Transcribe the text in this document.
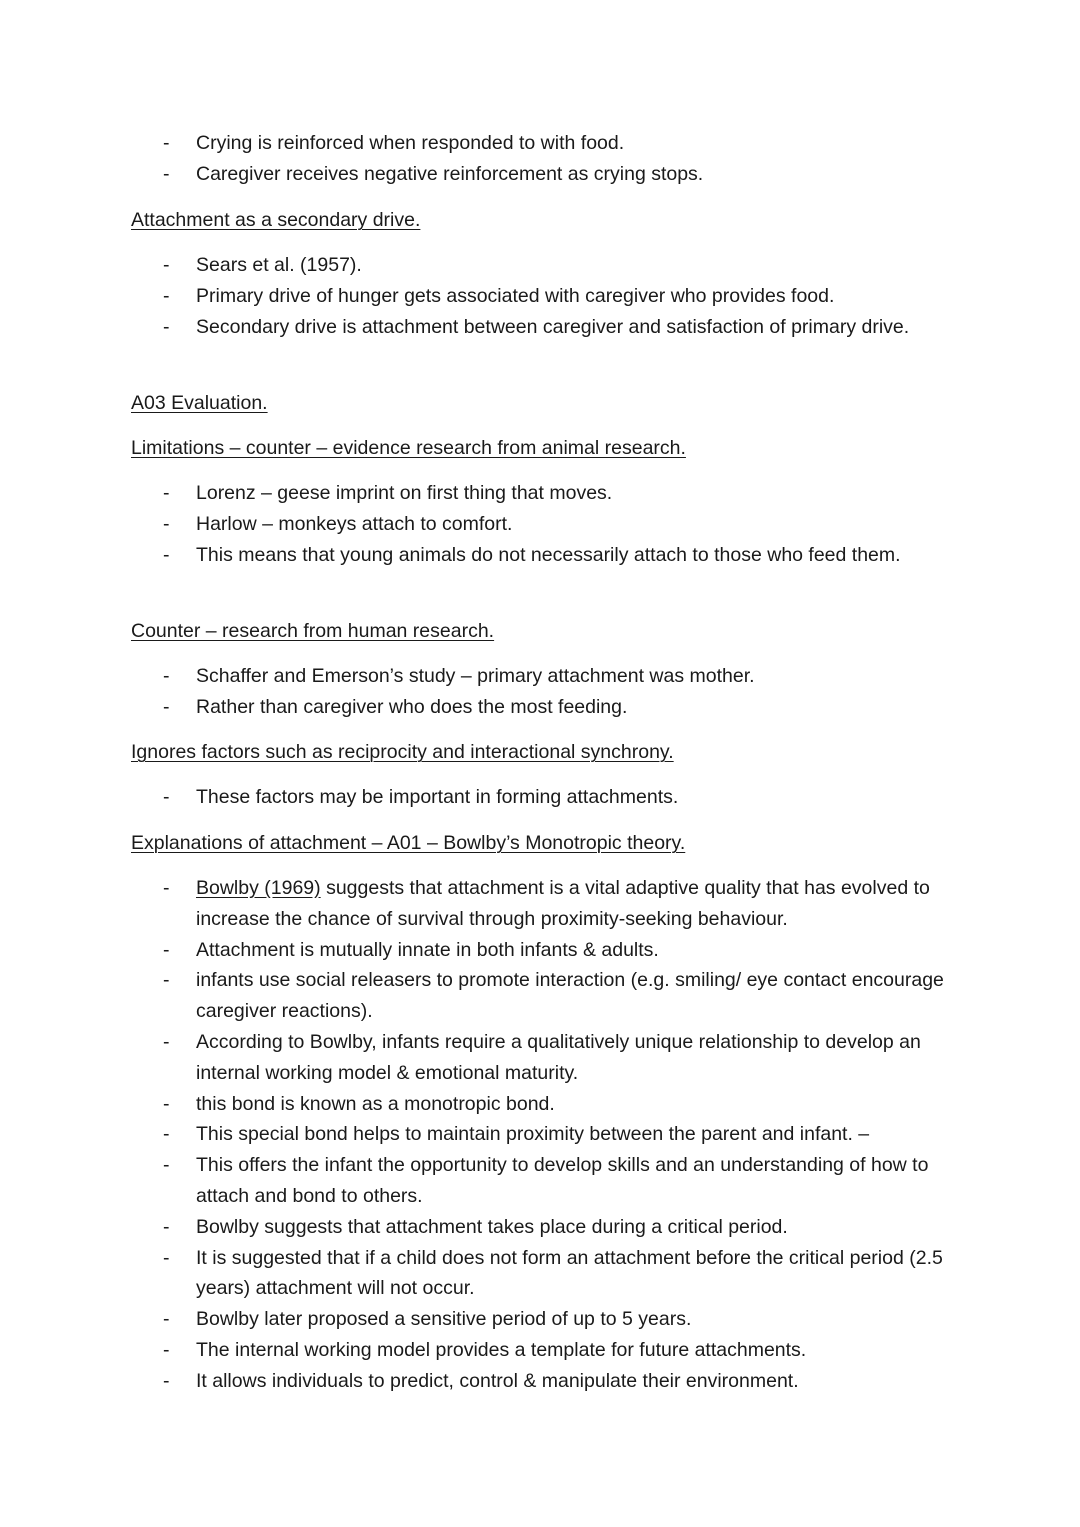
- Crying is reinforced when responded to with food.
- Caregiver receives negative reinforcement as crying stops.
Attachment as a secondary drive.
- Sears et al. (1957).
- Primary drive of hunger gets associated with caregiver who provides food.
- Secondary drive is attachment between caregiver and satisfaction of primary drive.
A03 Evaluation.
Limitations – counter – evidence research from animal research.
- Lorenz – geese imprint on first thing that moves.
- Harlow – monkeys attach to comfort.
- This means that young animals do not necessarily attach to those who feed them.
Counter – research from human research.
- Schaffer and Emerson’s study – primary attachment was mother.
- Rather than caregiver who does the most feeding.
Ignores factors such as reciprocity and interactional synchrony.
- These factors may be important in forming attachments.
Explanations of attachment – A01 – Bowlby’s Monotropic theory.
- Bowlby (1969) suggests that attachment is a vital adaptive quality that has evolved to increase the chance of survival through proximity-seeking behaviour.
- Attachment is mutually innate in both infants & adults.
- infants use social releasers to promote interaction (e.g. smiling/ eye contact encourage caregiver reactions).
- According to Bowlby, infants require a qualitatively unique relationship to develop an internal working model & emotional maturity.
- this bond is known as a monotropic bond.
- This special bond helps to maintain proximity between the parent and infant. –
- This offers the infant the opportunity to develop skills and an understanding of how to attach and bond to others.
- Bowlby suggests that attachment takes place during a critical period.
- It is suggested that if a child does not form an attachment before the critical period (2.5 years) attachment will not occur.
- Bowlby later proposed a sensitive period of up to 5 years.
- The internal working model provides a template for future attachments.
- It allows individuals to predict, control & manipulate their environment.
